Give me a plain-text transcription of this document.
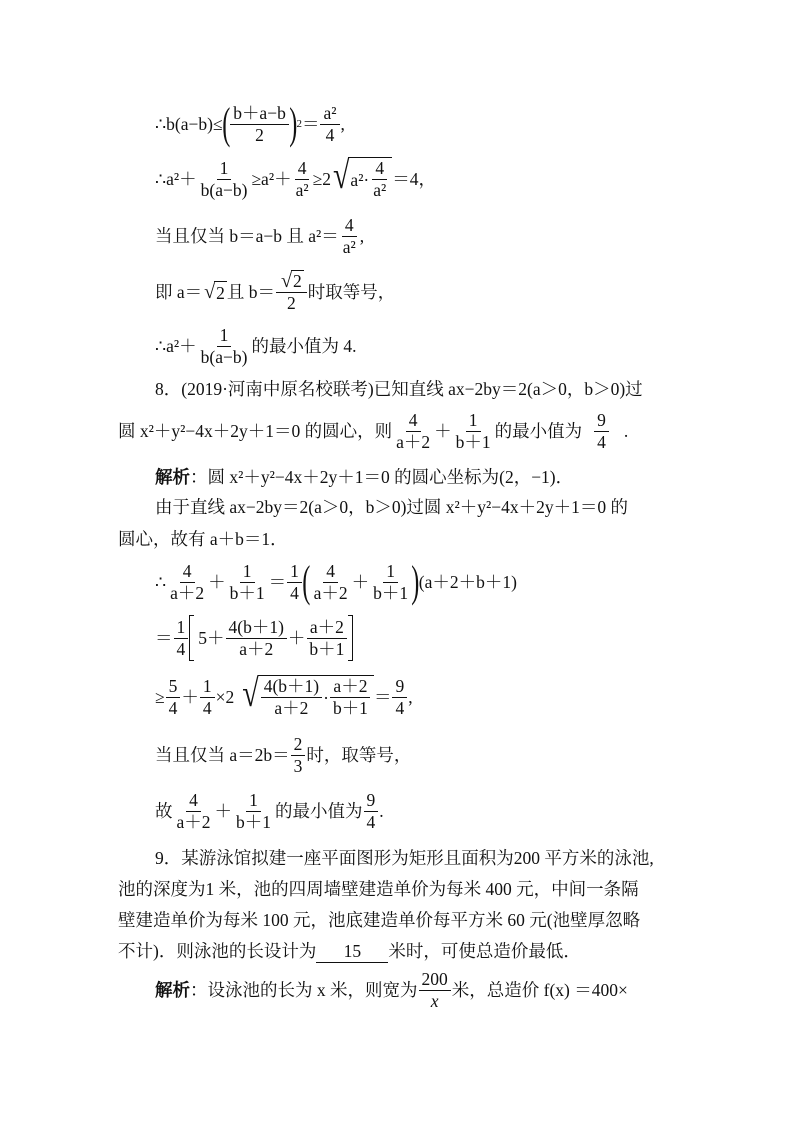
∴b(a−b)≤ ( $\frac{b+a-b}{2}$ ) $2 = \frac{\text{a²}}{4}$ ,
∴a²＋ $\frac{1}{b(a-b)} \ge a^2+ \frac{4}{\text{a²}} \ge 2$ √ $a^2\cdot \frac{4}{\text{a²}} =4$，
当且仅当 b＝a−b 且 $a^2= \frac{4}{\text{a²}}$ ,
即 a＝ √ 2 且 $b= \frac{√ 2}{2}$ 时取等号，
∴a²＋ $\frac{1}{b(a-b)}$ 的最小值为 4.
8．(2019·河南中原名校联考)已知直线 ax−2by＝2(a＞0，b＞0)过
圆 x²＋y²−4x＋2y＋1＝0 的圆心，则 $\frac{4}{a+2} + \frac{1}{b+1}$ 的最小值为 $\frac{9}{4}$ .
解析 ：圆 x²＋y²−4x＋2y＋1＝0 的圆心坐标为(2，−1)．
由于直线 ax−2by＝2(a＞0，b＞0)过圆 x²＋y²−4x＋2y＋1＝0 的
圆心，故有 a＋b＝1．
∴ $\frac{4}{a+2} + \frac{1}{b+1} = \frac{1}{4}$ ( $\frac{4}{a+2} + \frac{1}{b+1}$ ) (a＋2＋b＋1)
＝ $\frac{1}{4} 5+ \frac{4(b+1)}{a+2} + \frac{a+2}{b+1}$
≥ $\frac{5}{4} + \frac{1}{4} \times 2$ √ $\frac{4(b+1)}{a+2} \cdot \frac{a+2}{b+1} = \frac{9}{4}$ ,
当且仅当 $a=2b= \frac{2}{3}$ 时，取等号，
故 $\frac{4}{a+2} + \frac{1}{b+1}$ 的最小值为 $\frac{9}{4}$ .
9．某游泳馆拟建一座平面图形为矩形且面积为200 平方米的泳池,
池的深度为1 米，池的四周墙壁建造单价为每米 400 元，中间一条隔
壁建造单价为每米 100 元，池底建造单价每平方米 60 元(池壁厚忽略
不计)．则泳池的长设计为	15	米时，可使总造价最低．
解析 ：设泳池的长为 x 米，则宽为 $\frac{200}{x}$ 米，总造价 f(x) ＝400×
